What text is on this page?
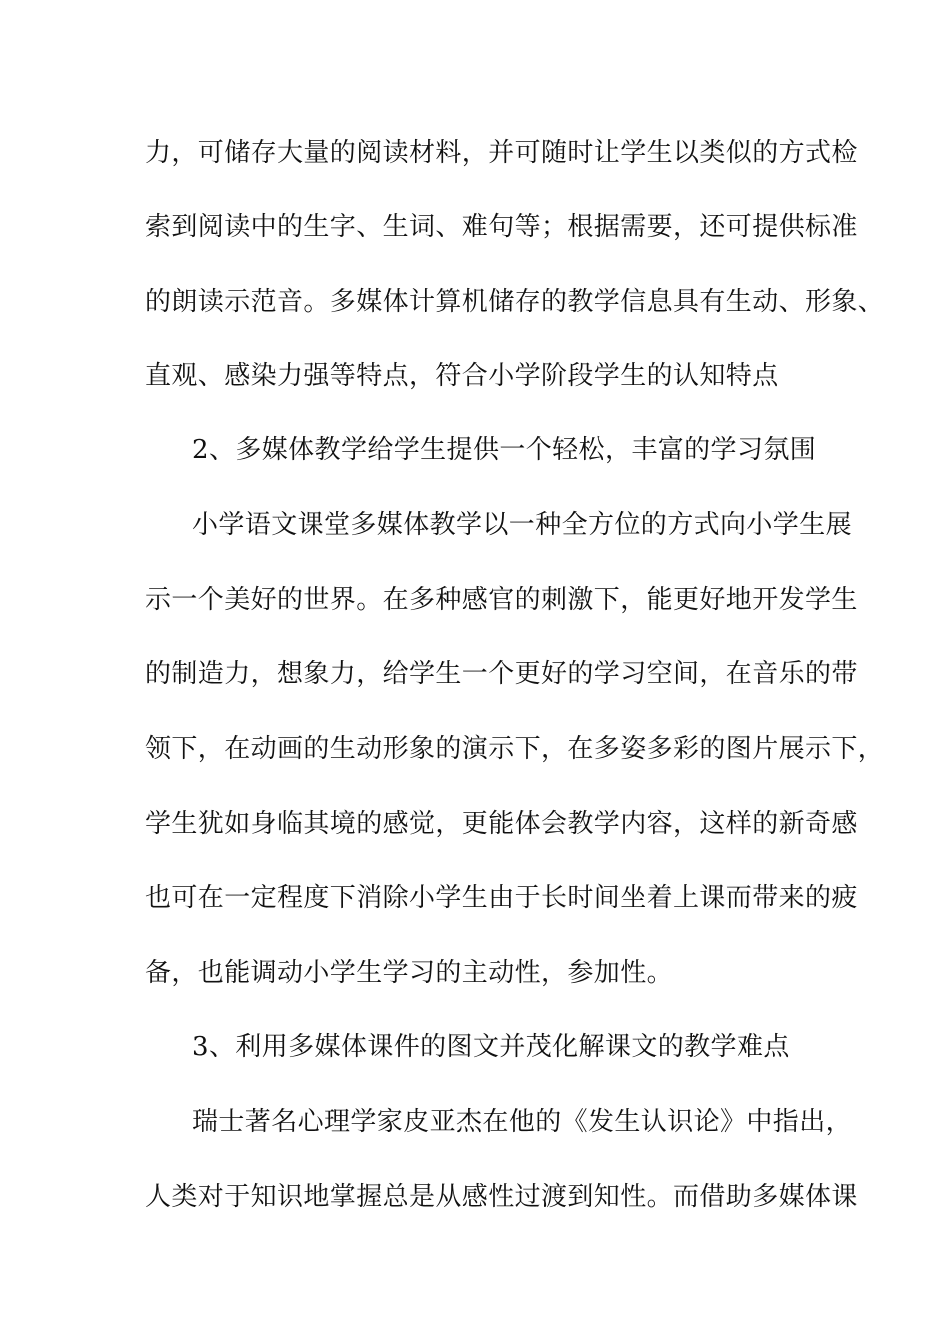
力，可储存大量的阅读材料，并可随时让学生以类似的方式检
索到阅读中的生字、生词、难句等；根据需要，还可提供标准
的朗读示范音。多媒体计算机储存的教学信息具有生动、形象、
直观、感染力强等特点，符合小学阶段学生的认知特点
2、多媒体教学给学生提供一个轻松，丰富的学习氛围
小学语文课堂多媒体教学以一种全方位的方式向小学生展
示一个美好的世界。在多种感官的刺激下，能更好地开发学生
的制造力，想象力，给学生一个更好的学习空间，在音乐的带
领下，在动画的生动形象的演示下，在多姿多彩的图片展示下，
学生犹如身临其境的感觉，更能体会教学内容，这样的新奇感
也可在一定程度下消除小学生由于长时间坐着上课而带来的疲
备，也能调动小学生学习的主动性，参加性。
3、利用多媒体课件的图文并茂化解课文的教学难点
瑞士著名心理学家皮亚杰在他的《发生认识论》中指出，
人类对于知识地掌握总是从感性过渡到知性。而借助多媒体课
